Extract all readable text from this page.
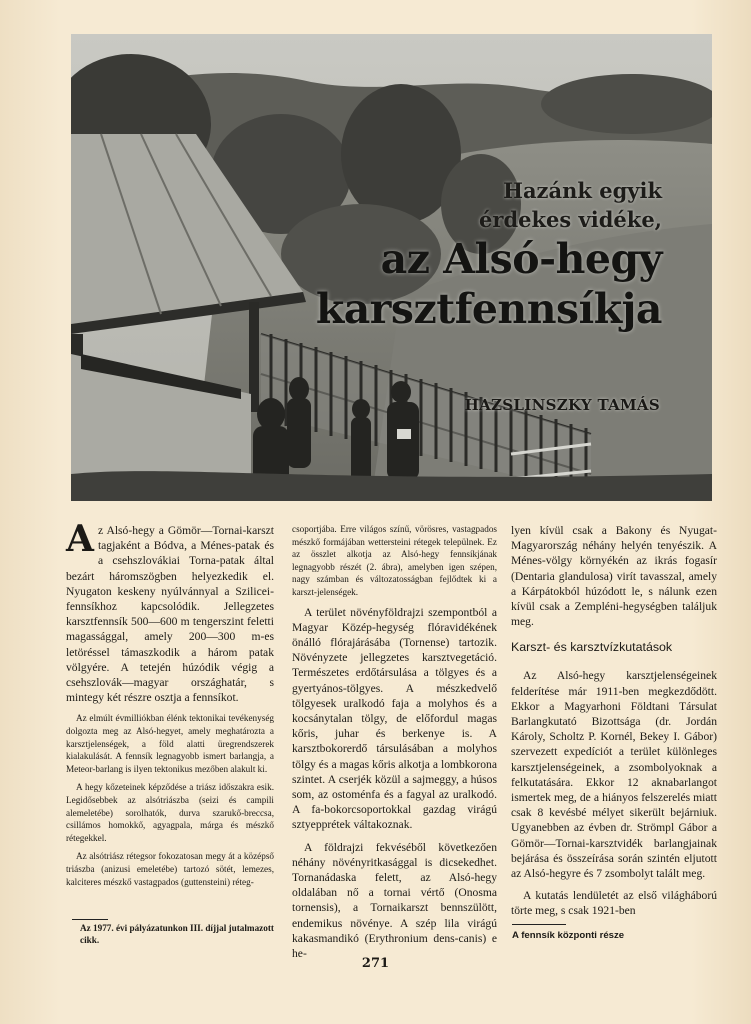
Hazánk egyik
érdekes vidéke,
az Alsó-hegy
karsztfennsíkja
HAZSLINSZKY TAMÁS

Az Alsó-hegy a Gömör—Tornai-karszt tagjaként a Bódva, a Ménes-patak és a csehszlovákiai Torna-patak által bezárt háromszögben helyezkedik el. Nyugaton keskeny nyúlvánnyal a Szilicei-fennsíkhoz kapcsolódik. Jellegzetes karsztfennsík 500—600 m tengerszint feletti magassággal, amely 200—300 m-es letöréssel támaszkodik a három patak völgyére. A tetején húzódik végig a csehszlovák—magyar országhatár, s mintegy két részre osztja a fennsíkot.

Az elmúlt évmilliókban élénk tektonikai tevékenység dolgozta meg az Alsó-hegyet, amely meghatározta a karsztjelenségek, a föld alatti üregrendszerek kialakulását. A fennsík legnagyobb ismert barlangja, a Meteor-barlang is ilyen tektonikus mezőben alakult ki.

A hegy kőzeteinek képződése a triász időszakra esik. Legidősebbek az alsótriászba (seizi és campili alemeletébe) sorolhatók, durva szarukő-breccsa, csillámos homokkő, agyagpala, márga és mészkő rétegekkel.

Az alsótriász rétegsor fokozatosan megy át a középső triászba (anizusi emeletébe) tartozó sötét, lemezes, kalciteres mészkő vastagpados (guttensteini) réteg-

csoportjába. Erre világos színű, vörösres, vastagpados mészkő formájában wettersteini rétegek települnek. Ez az összlet alkotja az Alsó-hegy fennsíkjának legnagyobb részét (2. ábra), amelyben igen szépen, nagy számban és változatosságban fejlődtek ki a karszt-jelenségek.

A terület növényföldrajzi szempontból a Magyar Közép-hegység flóravidékének önálló flórajárásába (Tornense) tartozik. Növényzete jellegzetes karsztvegetáció. Természetes erdőtársulása a tölgyes és a gyertyános-tölgyes. A mészkedvelő tölgyesek uralkodó faja a molyhos és a kocsánytalan tölgy, de előfordul magas kőris, juhar és berkenye is. A karsztbokorerdő társulásában a molyhos tölgy és a magas kőris alkotja a lombkorona szintet. A cserjék közül a sajmeggy, a húsos som, az ostoménfa és a fagyal az uralkodó. A fa-bokorcsoportokkal gazdag virágú sztyepprétek váltakoznak.

A földrajzi fekvéséből következően néhány növényritkasággal is dicsekedhet. Tornanádaska felett, az Alsó-hegy oldalában nő a tornai vértő (Onosma tornensis), a Tornaikarszt bennszülött, endemikus növénye. A szép lila virágú kakasmandikó (Erythronium dens-canis) e he-

lyen kívül csak a Bakony és Nyugat-Magyarország néhány helyén tenyészik. A Ménes-völgy környékén az ikrás fogasír (Dentaria glandulosa) virít tavasszal, amely a Kárpátokból húzódott le, s nálunk ezen kívül csak a Zempléni-hegységben találjuk meg.

Karszt- és karsztvízkutatások

Az Alsó-hegy karsztjelenségeinek felderítése már 1911-ben megkezdődött. Ekkor a Magyarhoni Földtani Társulat Barlangkutató Bizottsága (dr. Jordán Károly, Scholtz P. Kornél, Bekey I. Gábor) szervezett expedíciót a terület különleges karsztjelenségeinek, a zsombolyoknak a felkutatására. Ekkor 12 aknabarlangot ismertek meg, de a hiányos felszerelés miatt csak 8 kevésbé mélyet sikerült bejárniuk. Ugyanebben az évben dr. Strömpl Gábor a Gömör—Tornai-karsztvidék barlangjainak bejárása és összeírása során szintén eljutott az Alsó-hegyre és 7 zsombolyt talált meg.

A kutatás lendületét az első világháború törte meg, s csak 1921-ben

Az 1977. évi pályázatunkon III. díjjal jutalmazott cikk.	A fennsík központi része
271
